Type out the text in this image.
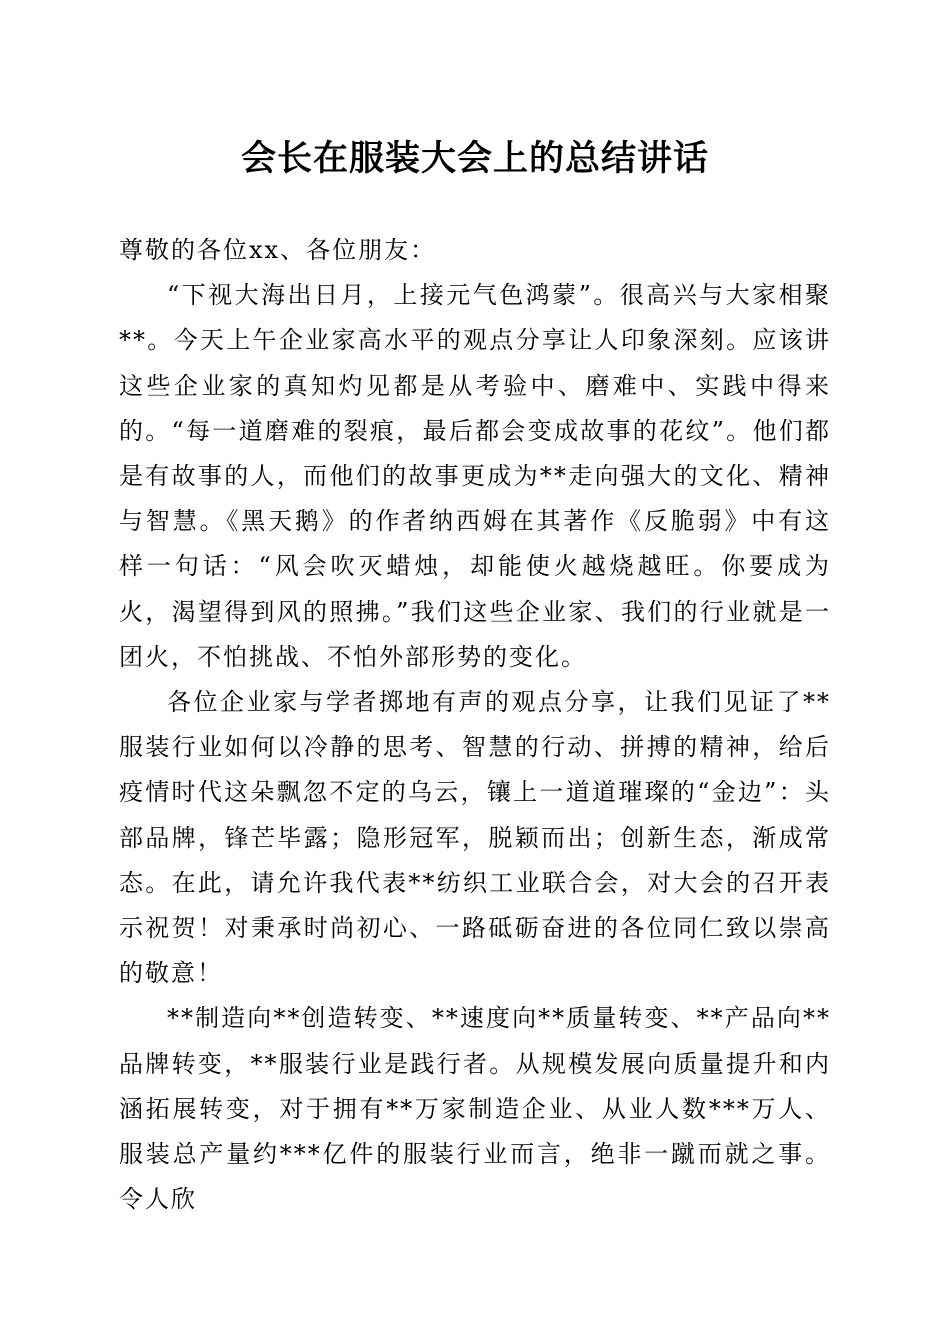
会长在服装大会上的总结讲话

尊敬的各位xx、各位朋友：

“下视大海出日月，上接元气色鸿蒙”。很高兴与大家相聚**。今天上午企业家高水平的观点分享让人印象深刻。应该讲这些企业家的真知灼见都是从考验中、磨难中、实践中得来的。“每一道磨难的裂痕，最后都会变成故事的花纹”。他们都是有故事的人，而他们的故事更成为**走向强大的文化、精神与智慧。《黑天鹅》的作者纳西姆在其著作《反脆弱》中有这样一句话：“风会吹灭蜡烛，却能使火越烧越旺。你要成为火，渴望得到风的照拂。”我们这些企业家、我们的行业就是一团火，不怕挑战、不怕外部形势的变化。

各位企业家与学者掷地有声的观点分享，让我们见证了**服装行业如何以冷静的思考、智慧的行动、拼搏的精神，给后疫情时代这朵飘忽不定的乌云，镶上一道道璀璨的“金边”：头部品牌，锋芒毕露；隐形冠军，脱颖而出；创新生态，渐成常态。在此，请允许我代表**纺织工业联合会，对大会的召开表示祝贺！对秉承时尚初心、一路砥砺奋进的各位同仁致以崇高的敬意！

**制造向**创造转变、**速度向**质量转变、**产品向**品牌转变，**服装行业是践行者。从规模发展向质量提升和内涵拓展转变，对于拥有**万家制造企业、从业人数***万人、服装总产量约***亿件的服装行业而言，绝非一蹴而就之事。令人欣
